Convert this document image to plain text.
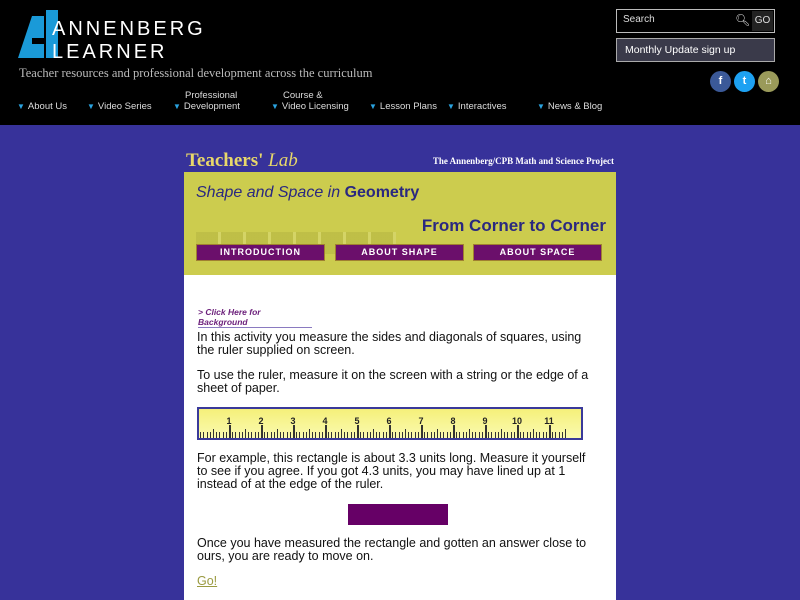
ANNENBERG
LEARNER
Teacher resources and professional development across the curriculum
▼ About Us	▼ Video Series
Professional
▼ Development
Course &
▼ Video Licensing	▼ Lesson Plans ▼ Interactives	▼ News & Blog
Search
🔍︎ GO
Monthly Update sign up
f	t	⌂
Teachers' Lab	The Annenberg/CPB Math and Science Project
Shape and Space in Geometry
From Corner to Corner
INTRODUCTION	ABOUT SHAPE	ABOUT SPACE
> Click Here for Background
In this activity you measure the sides and diagonals of squares, using the ruler supplied on screen.
To use the ruler, measure it on the screen with a string or the edge of a sheet of paper.
1	2	3	4	5	6	7	8	9	10 11
For example, this rectangle is about 3.3 units long. Measure it yourself to see if you agree. If you got 4.3 units, you may have lined up at 1 instead of at the edge of the ruler.
Once you have measured the rectangle and gotten an answer close to ours, you are ready to move on.
Go!
